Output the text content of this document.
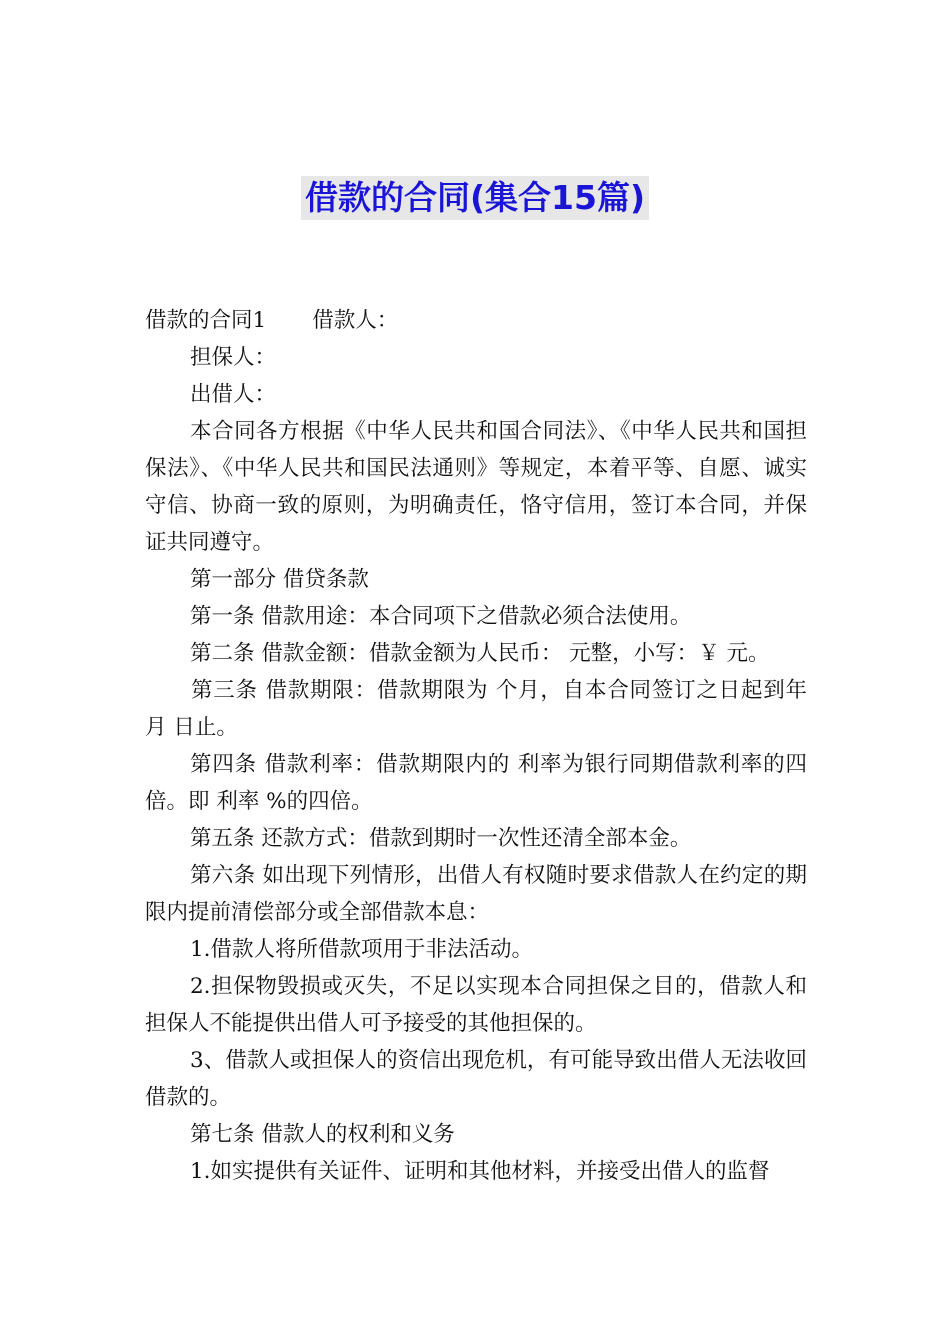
借款的合同(集合15篇)

借款的合同1 借款人：

担保人：

出借人：

本合同各方根据《中华人民共和国合同法》、《中华人民共和国担保法》、《中华人民共和国民法通则》等规定，本着平等、自愿、诚实守信、协商一致的原则，为明确责任，恪守信用，签订本合同，并保证共同遵守。

第一部分 借贷条款

第一条 借款用途：本合同项下之借款必须合法使用。

第二条 借款金额：借款金额为人民币： 元整，小写：￥ 元。

第三条 借款期限：借款期限为 个月，自本合同签订之日起到年 月 日止。

第四条 借款利率：借款期限内的 利率为银行同期借款利率的四倍。即 利率 %的四倍。

第五条 还款方式：借款到期时一次性还清全部本金。

第六条 如出现下列情形，出借人有权随时要求借款人在约定的期限内提前清偿部分或全部借款本息：

1.借款人将所借款项用于非法活动。

2.担保物毁损或灭失，不足以实现本合同担保之目的，借款人和担保人不能提供出借人可予接受的其他担保的。

3、借款人或担保人的资信出现危机，有可能导致出借人无法收回借款的。

第七条 借款人的权利和义务

1.如实提供有关证件、证明和其他材料，并接受出借人的监督
